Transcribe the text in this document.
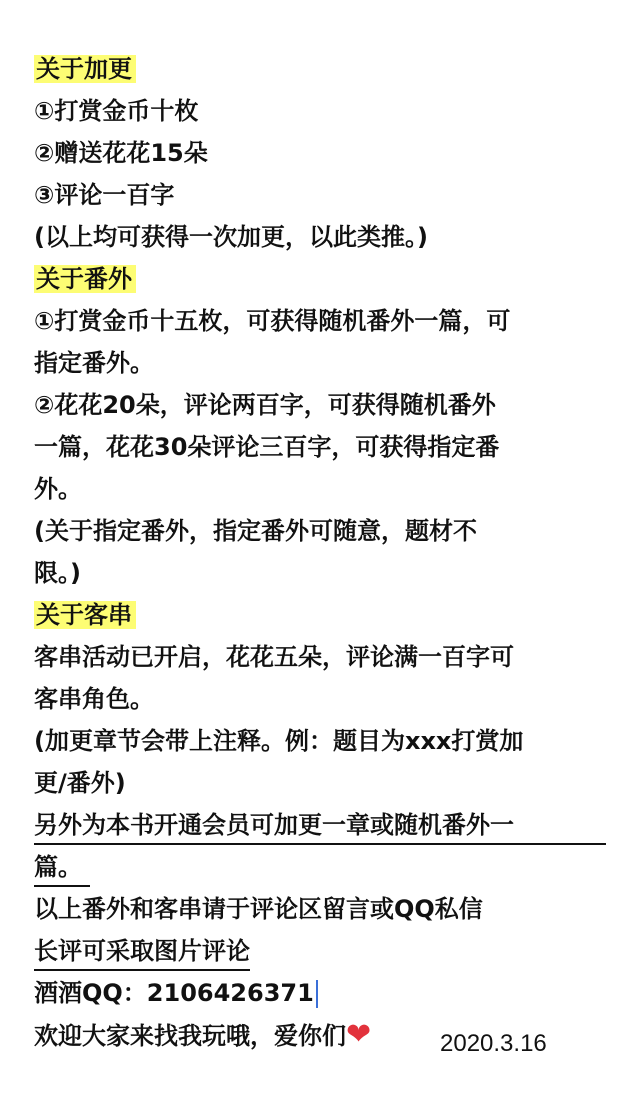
关于加更
①打赏金币十枚
②赠送花花15朵
③评论一百字
(以上均可获得一次加更，以此类推。)
关于番外
①打赏金币十五枚，可获得随机番外一篇，可
指定番外。
②花花20朵，评论两百字，可获得随机番外
一篇，花花30朵评论三百字，可获得指定番
外。
(关于指定番外，指定番外可随意，题材不
限。)
关于客串
客串活动已开启，花花五朵，评论满一百字可
客串角色。
(加更章节会带上注释。例：题目为xxx打赏加
更/番外)
另外为本书开通会员可加更一章或随机番外一
篇。
以上番外和客串请于评论区留言或QQ私信
长评可采取图片评论
酒酒QQ：2106426371
欢迎大家来找我玩哦，爱你们❤	2020.3.16
